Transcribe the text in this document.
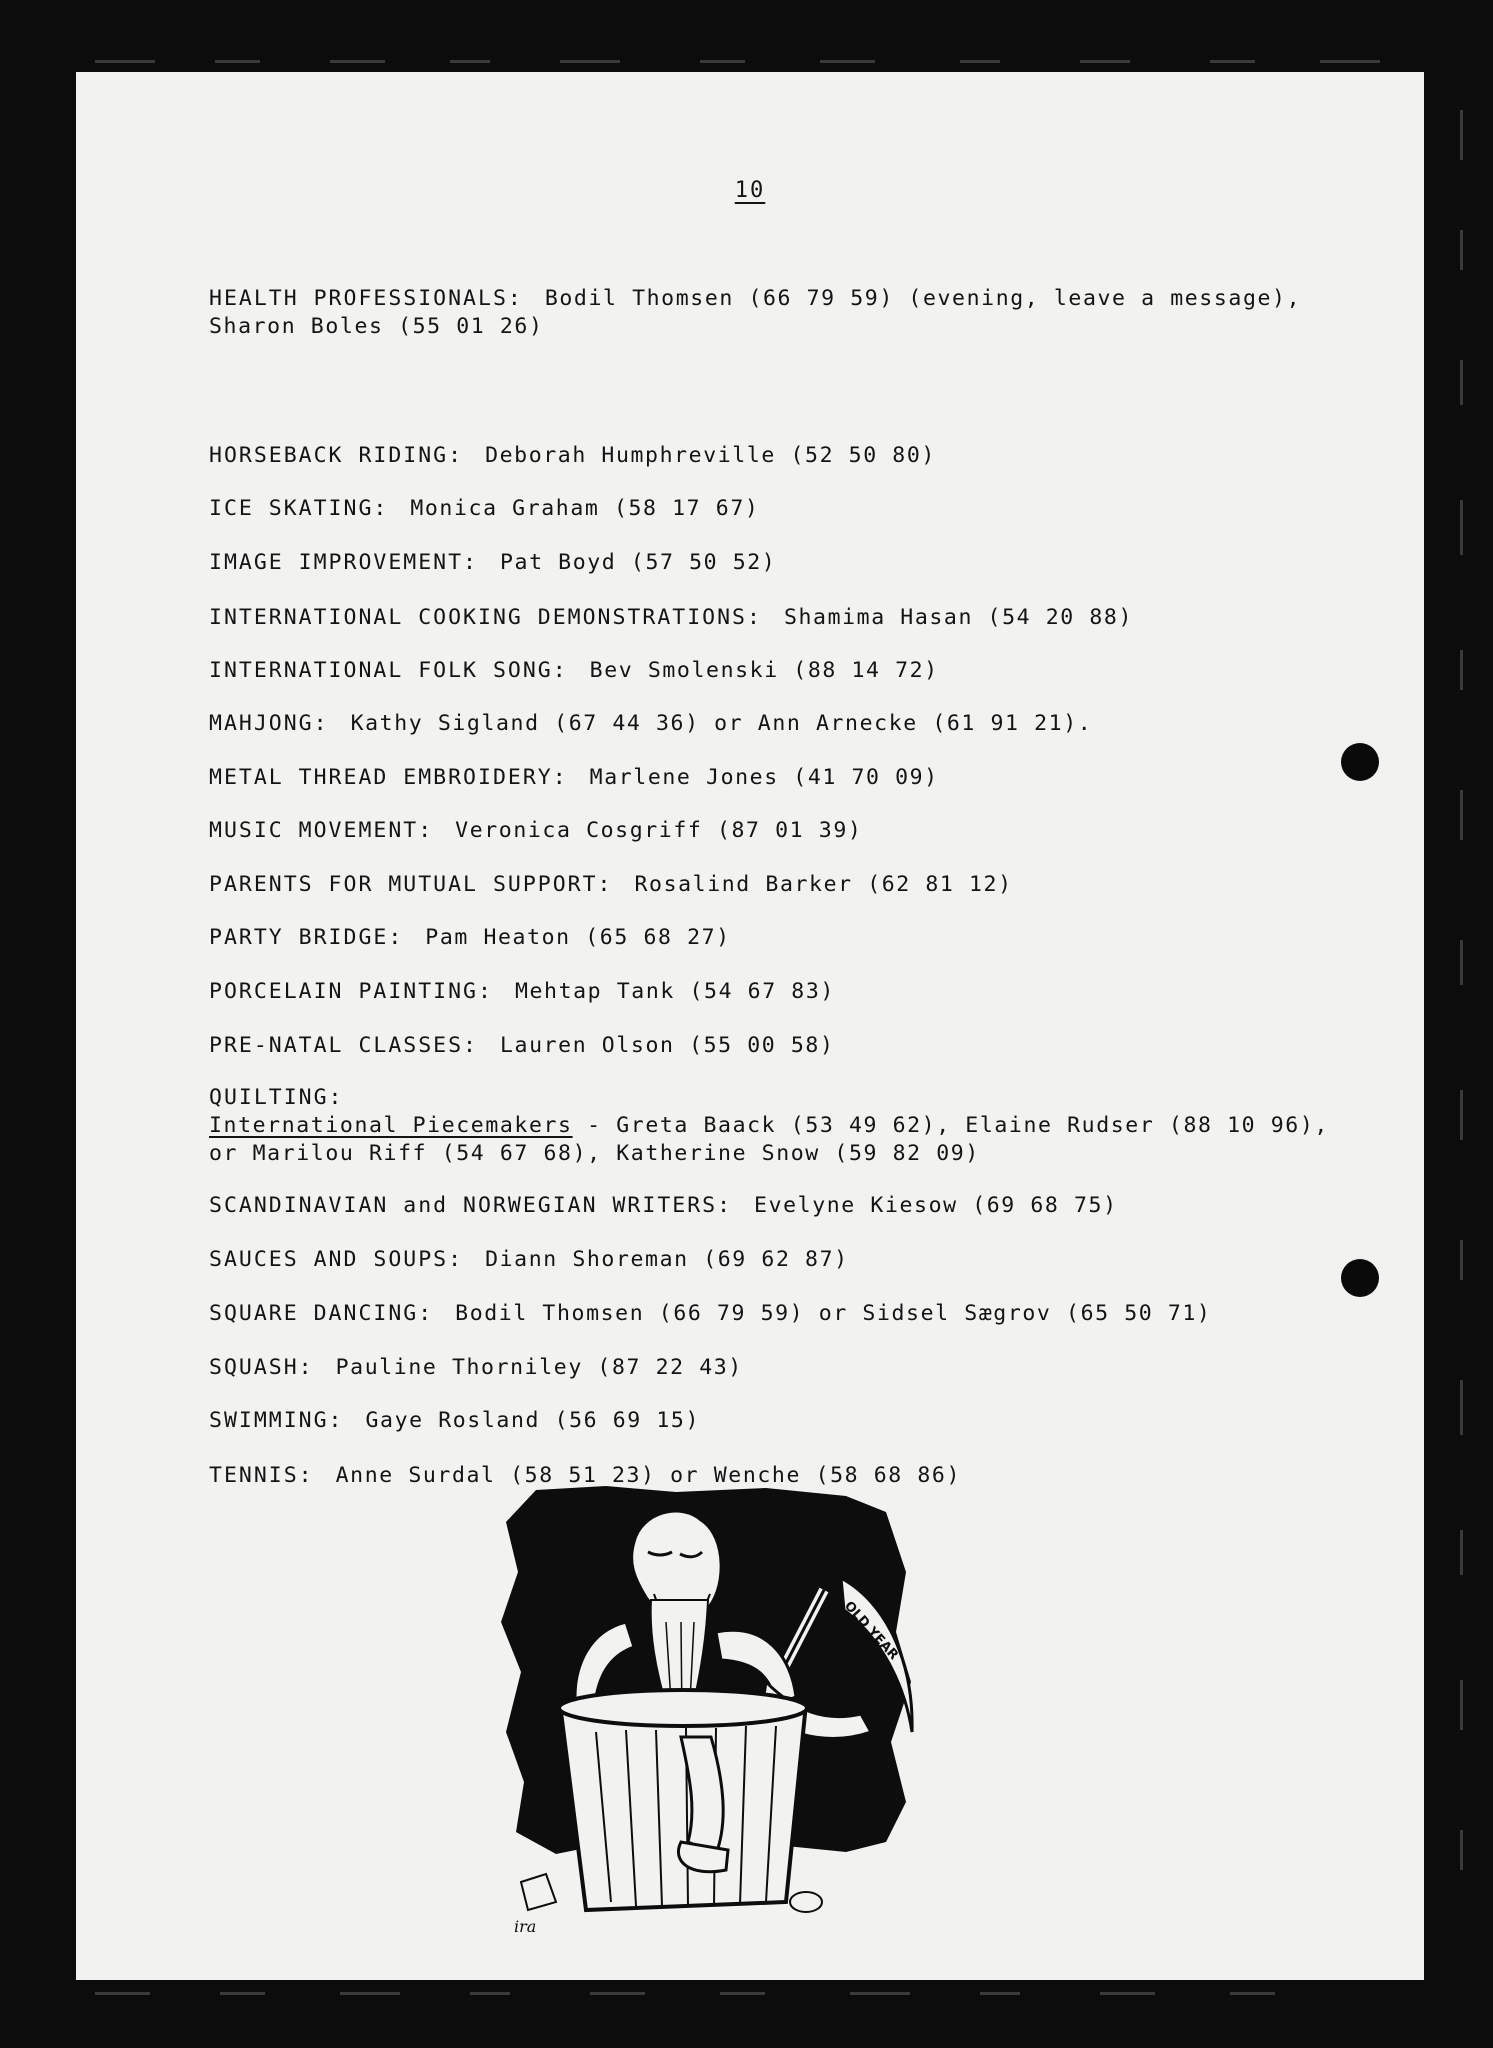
10
HEALTH PROFESSIONALS: Bodil Thomsen (66 79 59) (evening, leave a message), Sharon Boles (55 01 26)
HORSEBACK RIDING: Deborah Humphreville (52 50 80)
ICE SKATING: Monica Graham (58 17 67)
IMAGE IMPROVEMENT: Pat Boyd (57 50 52)
INTERNATIONAL COOKING DEMONSTRATIONS: Shamima Hasan (54 20 88)
INTERNATIONAL FOLK SONG: Bev Smolenski (88 14 72)
MAHJONG: Kathy Sigland (67 44 36) or Ann Arnecke (61 91 21).
METAL THREAD EMBROIDERY: Marlene Jones (41 70 09)
MUSIC MOVEMENT: Veronica Cosgriff (87 01 39)
PARENTS FOR MUTUAL SUPPORT: Rosalind Barker (62 81 12)
PARTY BRIDGE: Pam Heaton (65 68 27)
PORCELAIN PAINTING: Mehtap Tank (54 67 83)
PRE-NATAL CLASSES: Lauren Olson (55 00 58)
QUILTING:
International Piecemakers - Greta Baack (53 49 62), Elaine Rudser (88 10 96), or Marilou Riff (54 67 68), Katherine Snow (59 82 09)
SCANDINAVIAN and NORWEGIAN WRITERS: Evelyne Kiesow (69 68 75)
SAUCES AND SOUPS: Diann Shoreman (69 62 87)
SQUARE DANCING: Bodil Thomsen (66 79 59) or Sidsel Sægrov (65 50 71)
SQUASH: Pauline Thorniley (87 22 43)
SWIMMING: Gaye Rosland (56 69 15)
TENNIS: Anne Surdal (58 51 23) or Wenche (58 68 86)
OLD YEAR
ira
